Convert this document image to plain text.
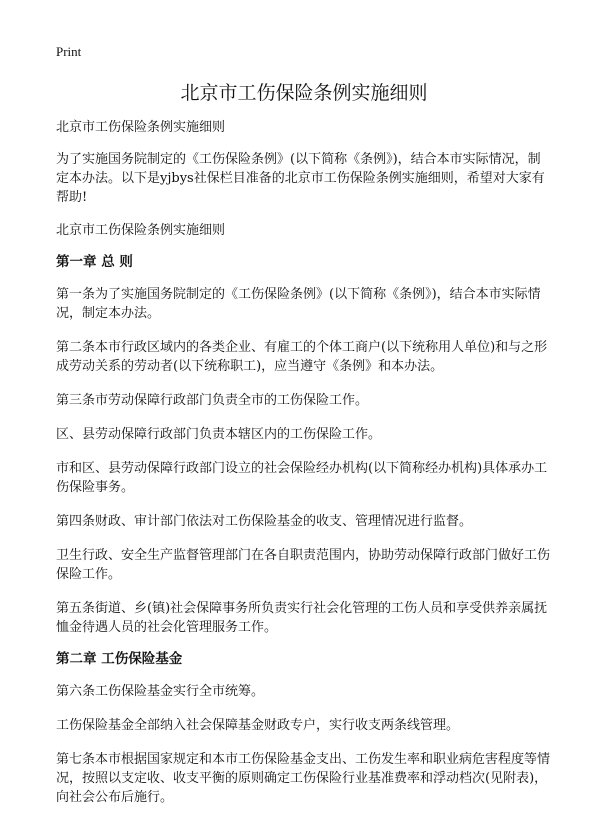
Print

北京市工伤保险条例实施细则

北京市工伤保险条例实施细则

为了实施国务院制定的《工伤保险条例》(以下简称《条例》)，结合本市实际情况，制定本办法。以下是yjbys社保栏目准备的北京市工伤保险条例实施细则，希望对大家有帮助!

北京市工伤保险条例实施细则

第一章 总 则

第一条为了实施国务院制定的《工伤保险条例》(以下简称《条例》)，结合本市实际情况，制定本办法。

第二条本市行政区域内的各类企业、有雇工的个体工商户(以下统称用人单位)和与之形成劳动关系的劳动者(以下统称职工)，应当遵守《条例》和本办法。

第三条市劳动保障行政部门负责全市的工伤保险工作。

区、县劳动保障行政部门负责本辖区内的工伤保险工作。

市和区、县劳动保障行政部门设立的社会保险经办机构(以下简称经办机构)具体承办工伤保险事务。

第四条财政、审计部门依法对工伤保险基金的收支、管理情况进行监督。

卫生行政、安全生产监督管理部门在各自职责范围内，协助劳动保障行政部门做好工伤保险工作。

第五条街道、乡(镇)社会保障事务所负责实行社会化管理的工伤人员和享受供养亲属抚恤金待遇人员的社会化管理服务工作。

第二章 工伤保险基金

第六条工伤保险基金实行全市统筹。

工伤保险基金全部纳入社会保障基金财政专户，实行收支两条线管理。

第七条本市根据国家规定和本市工伤保险基金支出、工伤发生率和职业病危害程度等情况，按照以支定收、收支平衡的原则确定工伤保险行业基准费率和浮动档次(见附表)，向社会公布后施行。
